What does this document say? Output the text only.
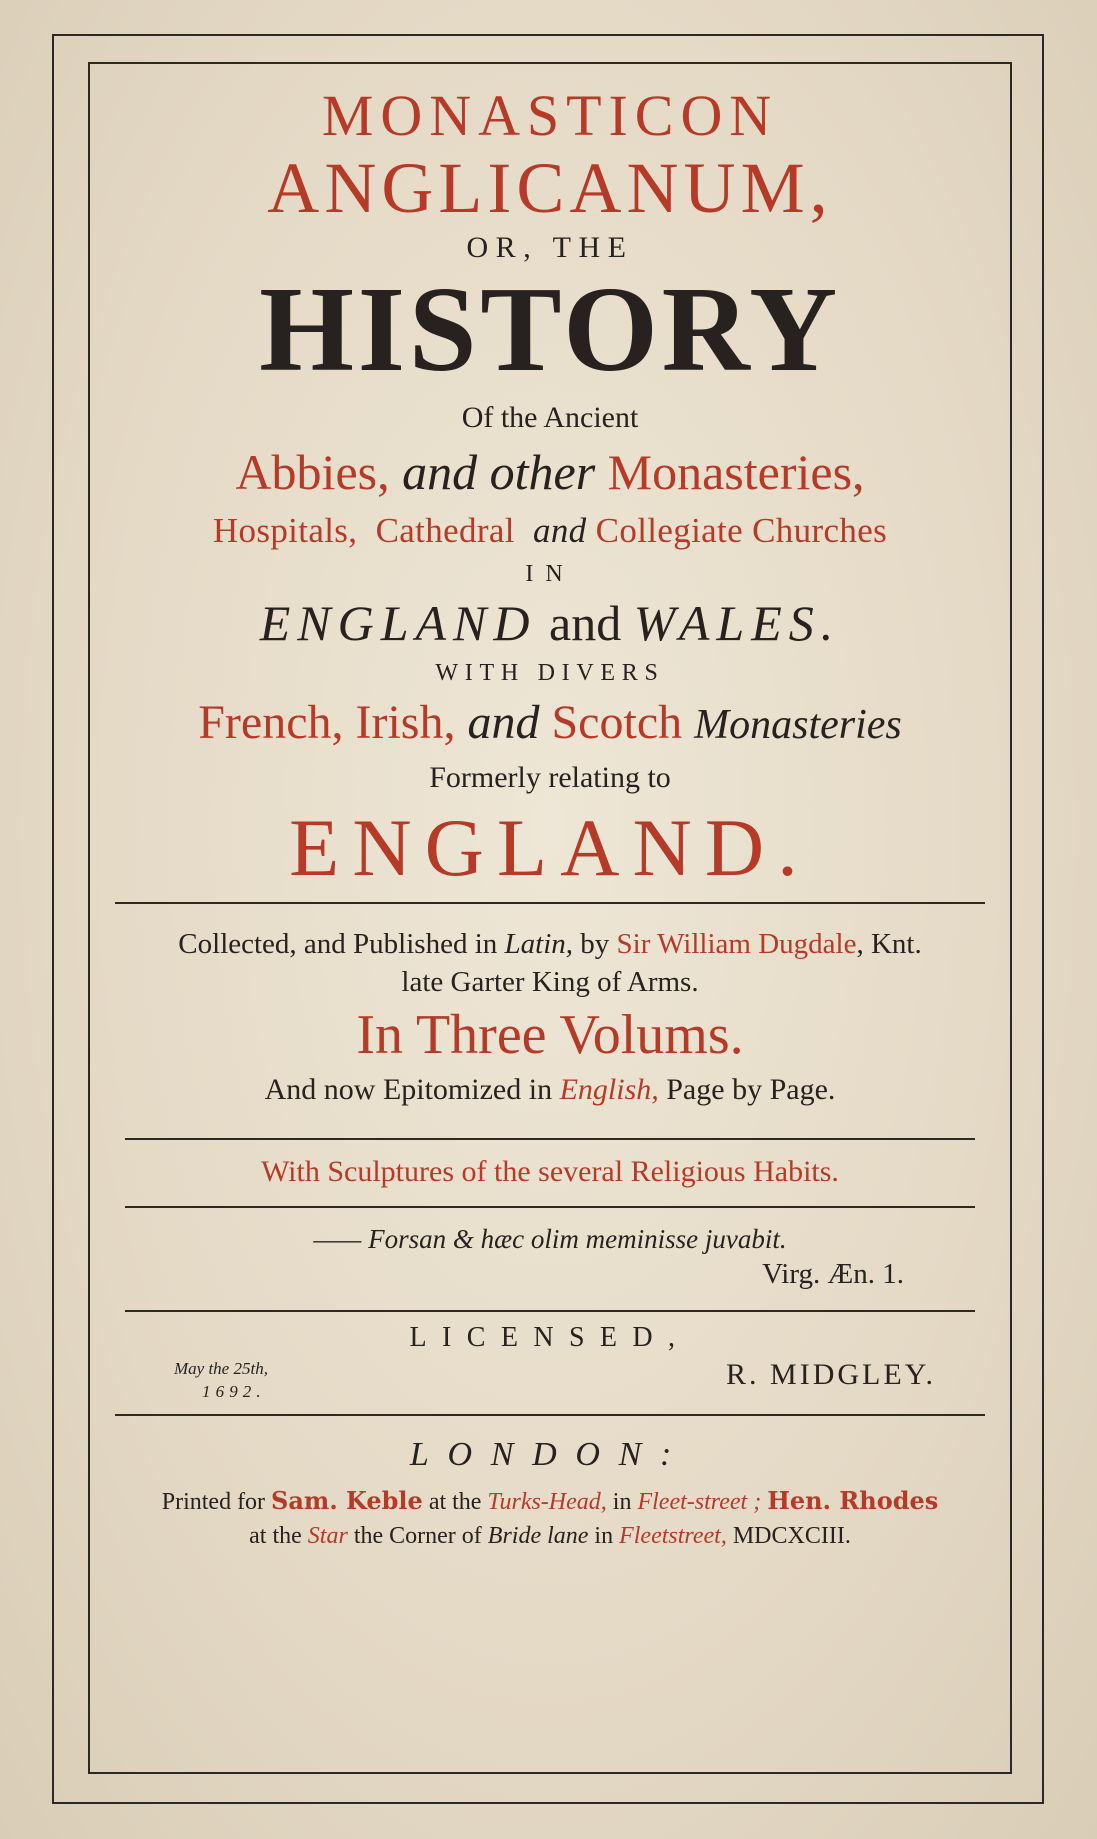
MONASTICON
ANGLICANUM,
OR, THE
HISTORY
Of the Ancient
Abbies, and other Monasteries,
Hospitals, Cathedral and Collegiate Churches
IN
ENGLAND and WALES.
WITH DIVERS
French, Irish, and Scotch Monasteries
Formerly relating to
ENGLAND.
Collected, and Published in Latin, by Sir William Dugdale, Knt.
late Garter King of Arms.
In Three Volums.
And now Epitomized in English, Page by Page.
With Sculptures of the several Religious Habits.
—— Forsan & hæc olim meminisse juvabit.
Virg. Æn. 1.
LICENSED,
May the 25th,
1692.
R. MIDGLEY.
LONDON:
Printed for Sam. Keble at the Turks-Head, in Fleet-street ; Hen. Rhodes
at the Star the Corner of Bride lane in Fleetstreet, MDCXCIII.
